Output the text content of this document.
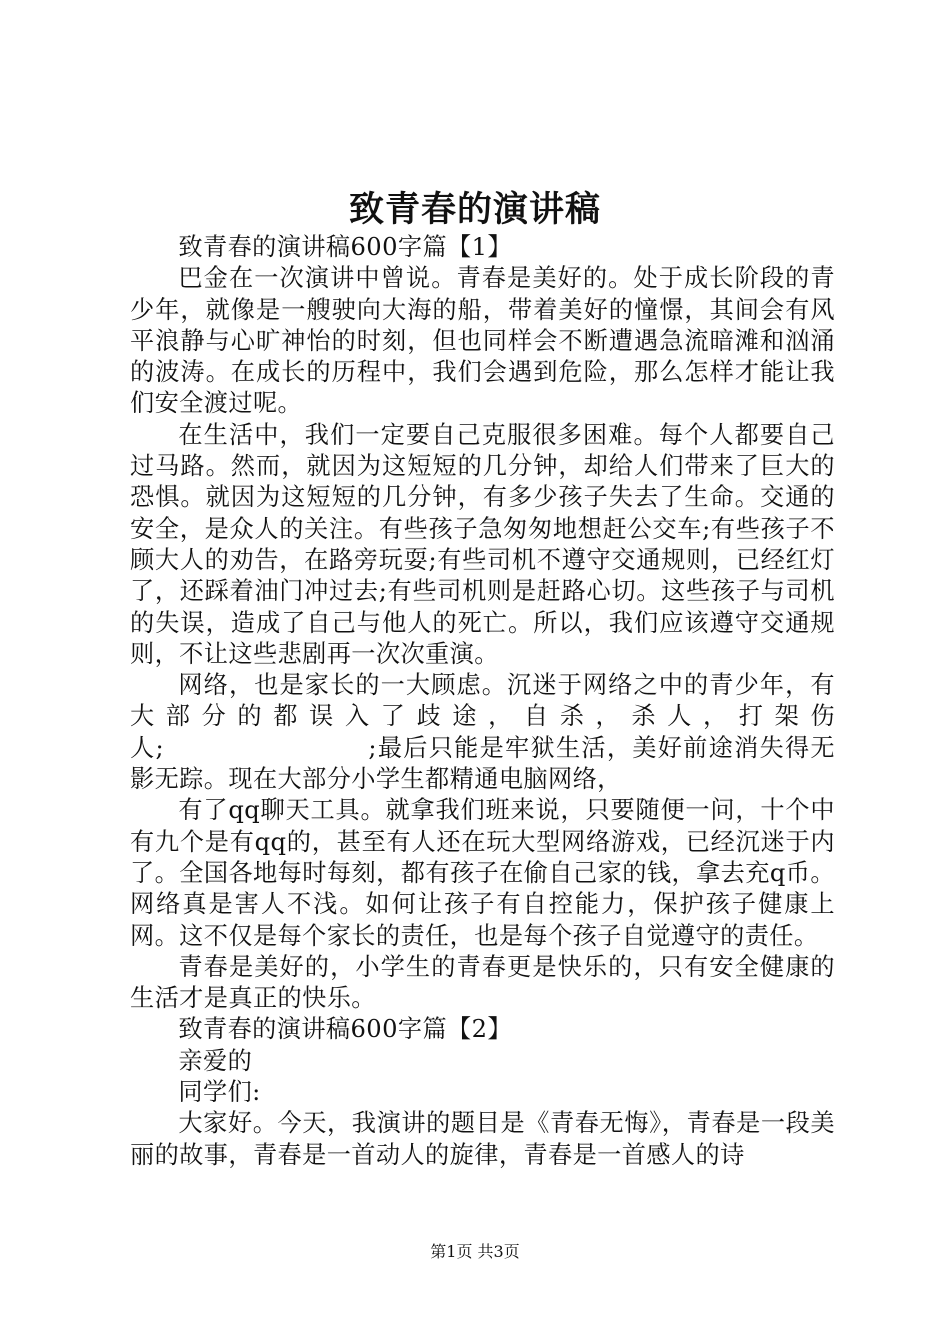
致青春的演讲稿

致青春的演讲稿600字篇【1】

巴金在一次演讲中曾说。青春是美好的。处于成长阶段的青少年，就像是一艘驶向大海的船，带着美好的憧憬，其间会有风平浪静与心旷神怡的时刻，但也同样会不断遭遇急流暗滩和汹涌的波涛。在成长的历程中，我们会遇到危险，那么怎样才能让我们安全渡过呢。

在生活中，我们一定要自己克服很多困难。每个人都要自己过马路。然而，就因为这短短的几分钟，却给人们带来了巨大的恐惧。就因为这短短的几分钟，有多少孩子失去了生命。交通的安全，是众人的关注。有些孩子急匆匆地想赶公交车;有些孩子不顾大人的劝告，在路旁玩耍;有些司机不遵守交通规则，已经红灯了，还踩着油门冲过去;有些司机则是赶路心切。这些孩子与司机的失误，造成了自己与他人的死亡。所以，我们应该遵守交通规则，不让这些悲剧再一次次重演。

网络，也是家长的一大顾虑。沉迷于网络之中的青少年，有大部分的都误入了歧途，自杀，杀人，打架伤人;　　　　　　　　;最后只能是牢狱生活，美好前途消失得无影无踪。现在大部分小学生都精通电脑网络，

有了qq聊天工具。就拿我们班来说，只要随便一问，十个中有九个是有qq的，甚至有人还在玩大型网络游戏，已经沉迷于内了。全国各地每时每刻，都有孩子在偷自己家的钱，拿去充q币。网络真是害人不浅。如何让孩子有自控能力，保护孩子健康上网。这不仅是每个家长的责任，也是每个孩子自觉遵守的责任。

青春是美好的，小学生的青春更是快乐的，只有安全健康的生活才是真正的快乐。

致青春的演讲稿600字篇【2】

亲爱的

同学们:

大家好。今天，我演讲的题目是《青春无悔》，青春是一段美丽的故事，青春是一首动人的旋律，青春是一首感人的诗

第1页 共3页
